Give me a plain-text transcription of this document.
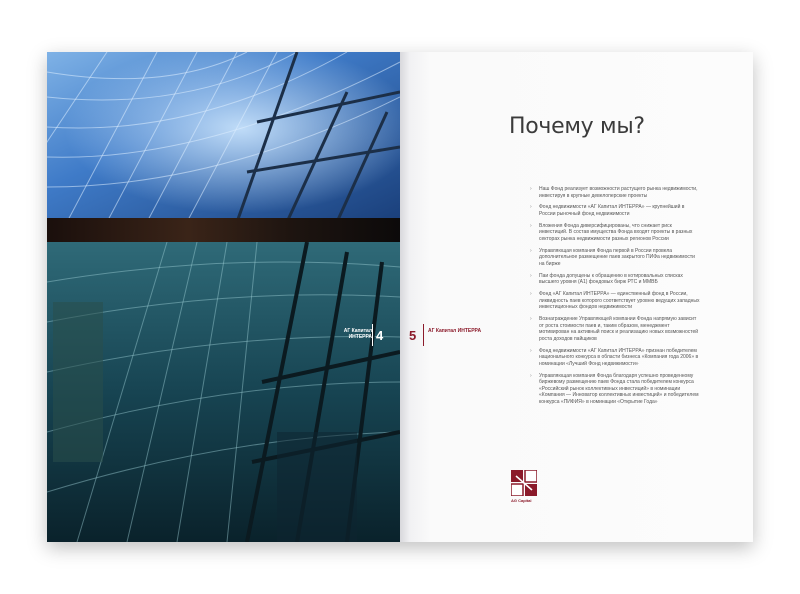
АГ Капитал ИНТЕРРА 4 5 АГ Капитал ИНТЕРРА
Почему мы?
› Наш Фонд реализует возможности растущего рынка недвижимости, инвестируя в крупные девелоперские проекты
› Фонд недвижимости «АГ Капитал ИНТЕРРА» — крупнейший в России рыночный фонд недвижимости
› Вложения Фонда диверсифицированы, что снижает риск инвестиций. В состав имущества Фонда входят проекты в разных секторах рынка недвижимости разных регионов России
› Управляющая компания Фонда первой в России провела дополнительное размещение паев закрытого ПИФа недвижимости на бирже
› Паи фонда допущены к обращению в котировальных списках высшего уровня (А1) фондовых бирж РТС и ММВБ
› Фонд «АГ Капитал ИНТЕРРА» — единственный фонд в России, ликвидность паев которого соответствует уровню ведущих западных инвестиционных фондов недвижимости
› Вознаграждение Управляющей компании Фонда напрямую зависит от роста стоимости паев и, таким образом, менеджмент мотивирован на активный поиск и реализацию новых возможностей роста доходов пайщиков
› Фонд недвижимости «АГ Капитал ИНТЕРРА» признан победителем национального конкурса в области бизнеса «Компания года 2006» в номинации «Лучший Фонд недвижимости»
› Управляющая компания Фонда благодаря успешно проведенному биржевому размещению паев Фонда стала победителем конкурса «Российский рынок коллективных инвестиций» в номинации «Компания — Инноватор коллективных инвестиций» и победителем конкурса «ПИФИЯ» в номинации «Открытие Года»
AG Capital
